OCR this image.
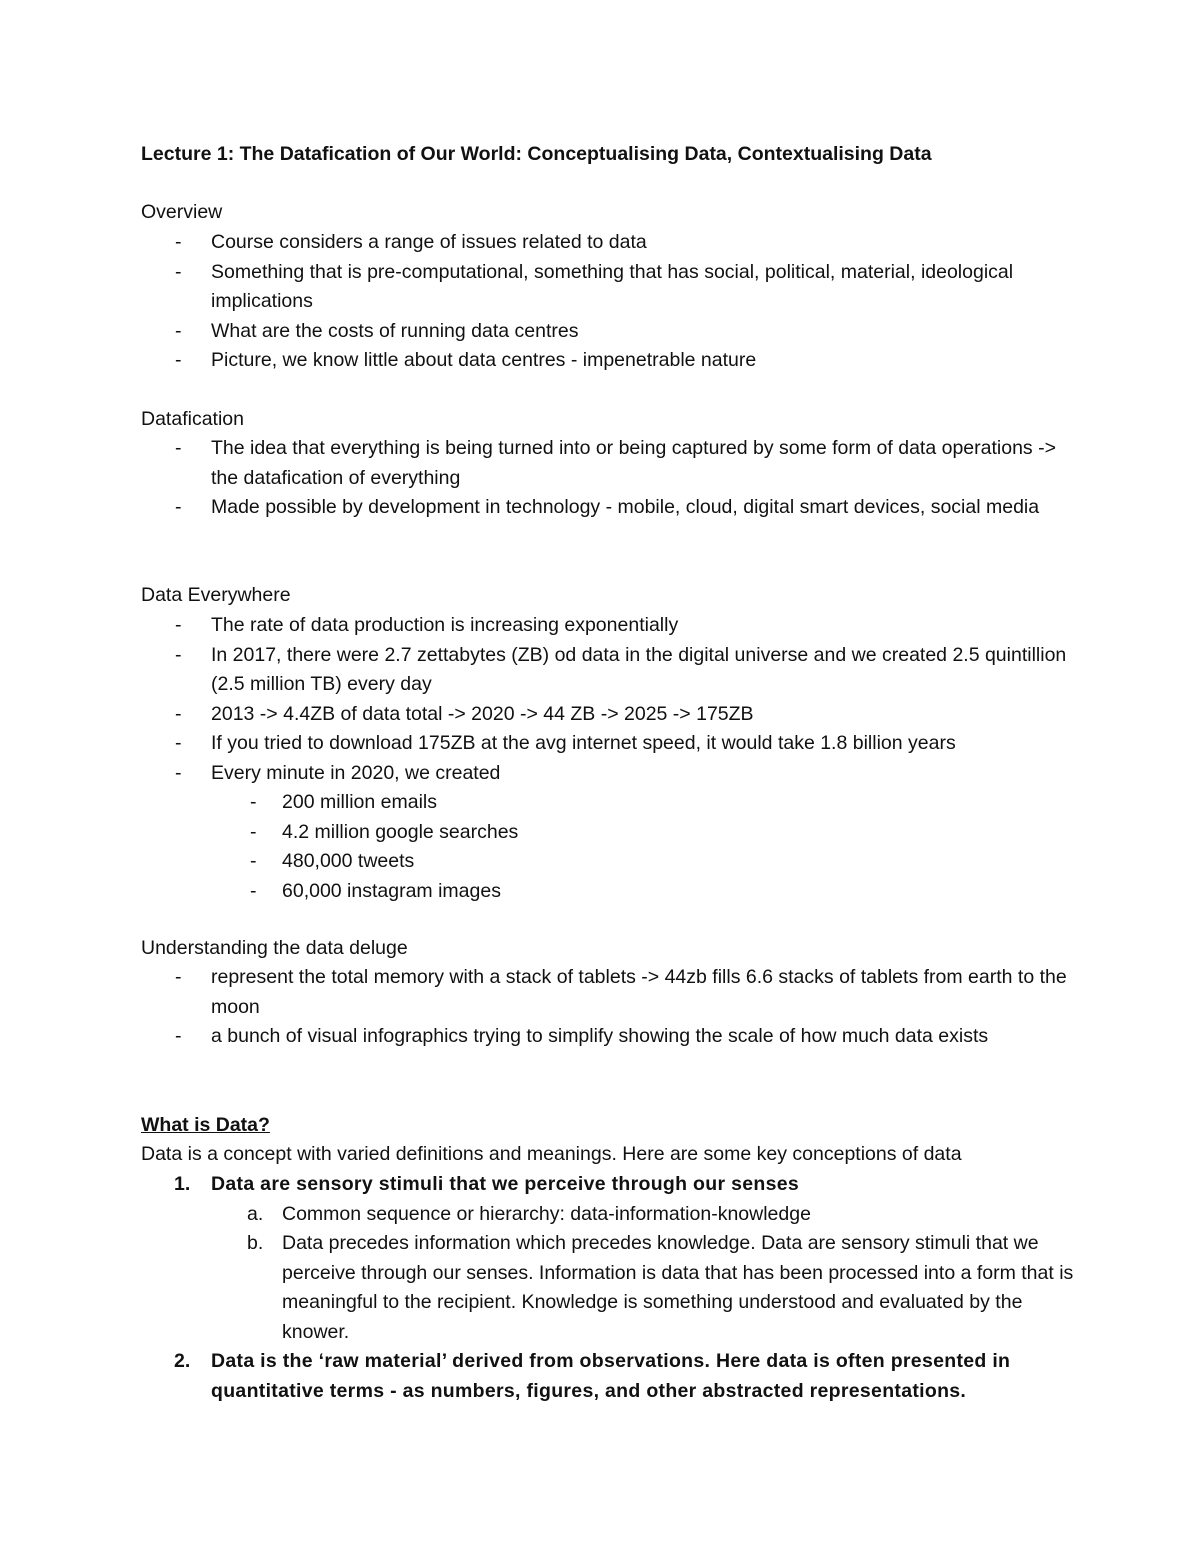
Lecture 1: The Datafication of Our World: Conceptualising Data, Contextualising Data
Overview
- Course considers a range of issues related to data
- Something that is pre-computational, something that has social, political, material, ideological implications
- What are the costs of running data centres
- Picture, we know little about data centres - impenetrable nature
Datafication
- The idea that everything is being turned into or being captured by some form of data operations -> the datafication of everything
- Made possible by development in technology - mobile, cloud, digital smart devices, social media
Data Everywhere
- The rate of data production is increasing exponentially
- In 2017, there were 2.7 zettabytes (ZB) od data in the digital universe and we created 2.5 quintillion (2.5 million TB) every day
- 2013 -> 4.4ZB of data total -> 2020 -> 44 ZB -> 2025 -> 175ZB
- If you tried to download 175ZB at the avg internet speed, it would take 1.8 billion years
- Every minute in 2020, we created
- 200 million emails
- 4.2 million google searches
- 480,000 tweets
- 60,000 instagram images
Understanding the data deluge
- represent the total memory with a stack of tablets -> 44zb fills 6.6 stacks of tablets from earth to the moon
- a bunch of visual infographics trying to simplify showing the scale of how much data exists
What is Data?
Data is a concept with varied definitions and meanings. Here are some key conceptions of data
1. Data are sensory stimuli that we perceive through our senses
a. Common sequence or hierarchy: data-information-knowledge
b. Data precedes information which precedes knowledge. Data are sensory stimuli that we perceive through our senses. Information is data that has been processed into a form that is meaningful to the recipient. Knowledge is something understood and evaluated by the knower.
2. Data is the ‘raw material’ derived from observations. Here data is often presented in quantitative terms - as numbers, figures, and other abstracted representations.
